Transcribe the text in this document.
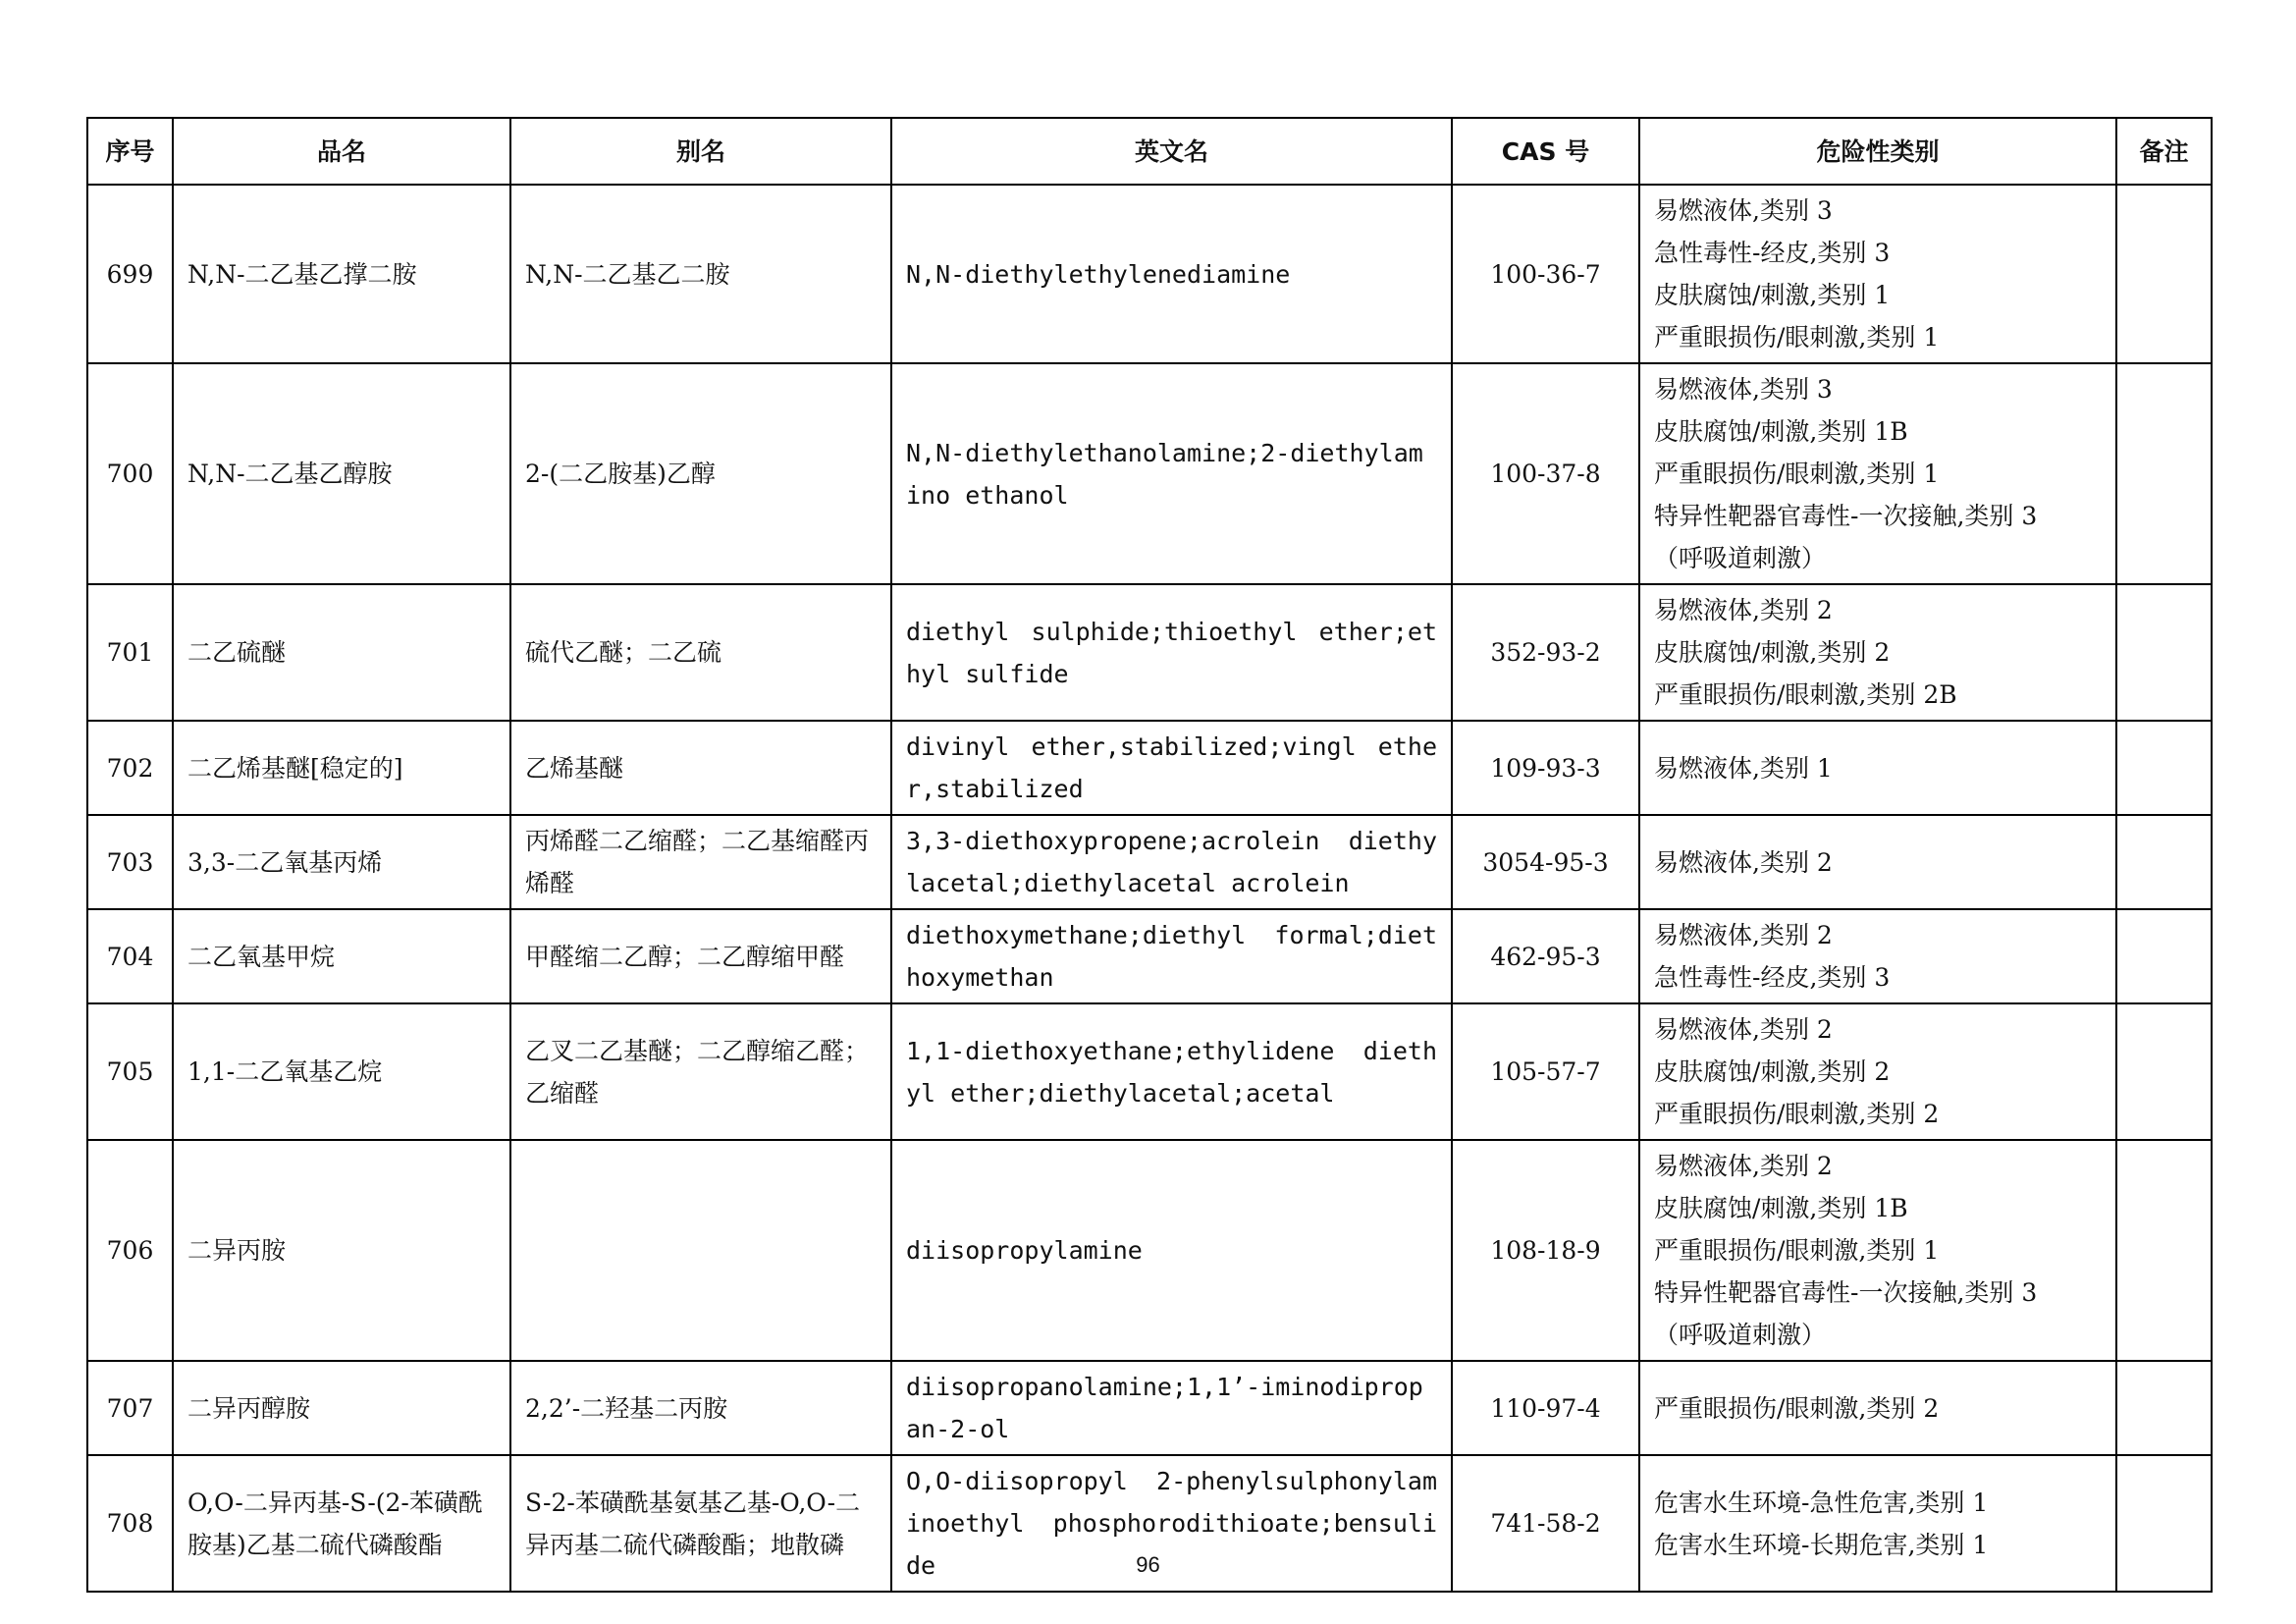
序号	品名	别名	英文名	CAS 号	危险性类别	备注
699	N,N-二乙基乙撑二胺	N,N-二乙基乙二胺	N,N-diethylethylenediamine	100-36-7	易燃液体,类别 3
急性毒性-经皮,类别 3
皮肤腐蚀/刺激,类别 1
严重眼损伤/眼刺激,类别 1	

700	N,N-二乙基乙醇胺	2-(二乙胺基)乙醇	N,N-diethylethanolamine;2-diethylamino ethanol	100-37-8	易燃液体,类别 3
皮肤腐蚀/刺激,类别 1B
严重眼损伤/眼刺激,类别 1
特异性靶器官毒性-一次接触,类别 3
（呼吸道刺激）	

701	二乙硫醚	硫代乙醚；二乙硫	diethyl sulphide;thioethyl ether;ethyl sulfide	352-93-2	易燃液体,类别 2
皮肤腐蚀/刺激,类别 2
严重眼损伤/眼刺激,类别 2B	

702	二乙烯基醚[稳定的]	乙烯基醚	divinyl ether,stabilized;vingl ether,stabilized	109-93-3	易燃液体,类别 1	

703	3,3-二乙氧基丙烯	丙烯醛二乙缩醛；二乙基缩醛丙烯醛	3,3-diethoxypropene;acrolein diethylacetal;diethylacetal acrolein	3054-95-3	易燃液体,类别 2	

704	二乙氧基甲烷	甲醛缩二乙醇；二乙醇缩甲醛	diethoxymethane;diethyl formal;diethoxymethan	462-95-3	易燃液体,类别 2
急性毒性-经皮,类别 3	

705	1,1-二乙氧基乙烷	乙叉二乙基醚；二乙醇缩乙醛；乙缩醛	1,1-diethoxyethane;ethylidene diethyl ether;diethylacetal;acetal	105-57-7	易燃液体,类别 2
皮肤腐蚀/刺激,类别 2
严重眼损伤/眼刺激,类别 2	

706	二异丙胺		diisopropylamine	108-18-9	易燃液体,类别 2
皮肤腐蚀/刺激,类别 1B
严重眼损伤/眼刺激,类别 1
特异性靶器官毒性-一次接触,类别 3
（呼吸道刺激）	

707	二异丙醇胺	2,2’-二羟基二丙胺	diisopropanolamine;1,1’-iminodipropan-2-ol	110-97-4	严重眼损伤/眼刺激,类别 2	

708	O,O-二异丙基-S-(2-苯磺酰胺基)乙基二硫代磷酸酯	S-2-苯磺酰基氨基乙基-O,O-二异丙基二硫代磷酸酯；地散磷	O,O-diisopropyl 2-phenylsulphonylaminoethyl phosphorodithioate;bensulide	741-58-2	危害水生环境-急性危害,类别 1
危害水生环境-长期危害,类别 1	

96
